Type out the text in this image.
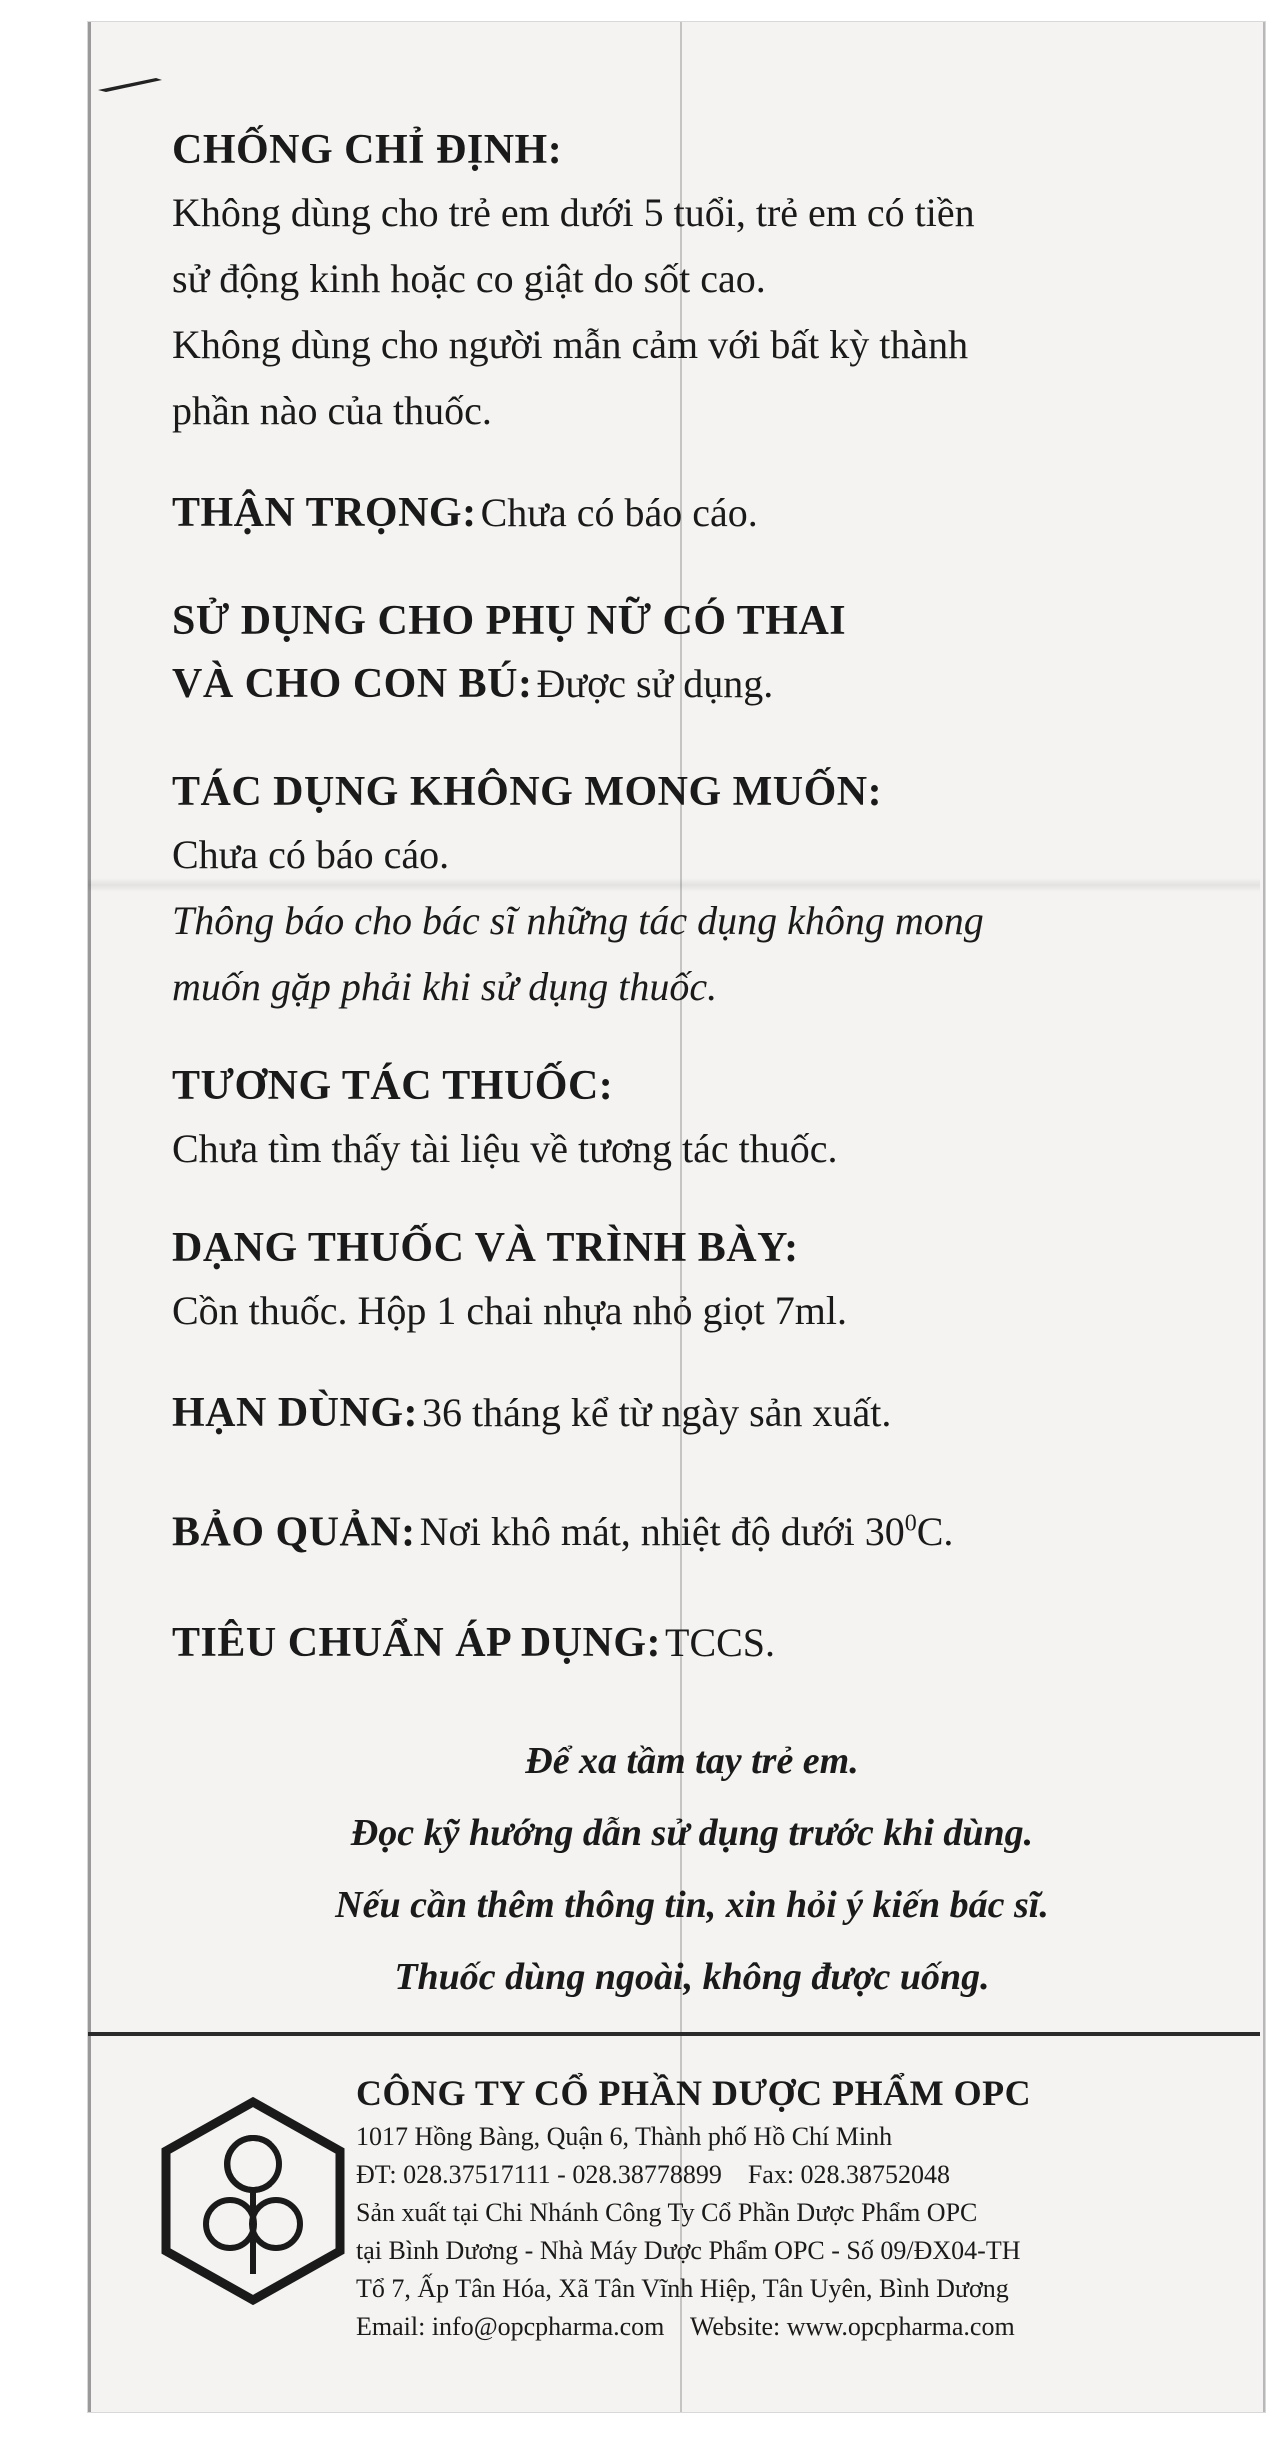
CHỐNG CHỈ ĐỊNH:
Không dùng cho trẻ em dưới 5 tuổi, trẻ em có tiền
sử động kinh hoặc co giật do sốt cao.
Không dùng cho người mẫn cảm với bất kỳ thành
phần nào của thuốc.
THẬN TRỌNG: Chưa có báo cáo.
SỬ DỤNG CHO PHỤ NỮ CÓ THAI
VÀ CHO CON BÚ: Được sử dụng.
TÁC DỤNG KHÔNG MONG MUỐN:
Chưa có báo cáo.
Thông báo cho bác sĩ những tác dụng không mong
muốn gặp phải khi sử dụng thuốc.
TƯƠNG TÁC THUỐC:
Chưa tìm thấy tài liệu về tương tác thuốc.
DẠNG THUỐC VÀ TRÌNH BÀY:
Cồn thuốc. Hộp 1 chai nhựa nhỏ giọt 7ml.
HẠN DÙNG: 36 tháng kể từ ngày sản xuất.
BẢO QUẢN: Nơi khô mát, nhiệt độ dưới $30^0C$.
TIÊU CHUẨN ÁP DỤNG: TCCS.
Để xa tầm tay trẻ em.
Đọc kỹ hướng dẫn sử dụng trước khi dùng.
Nếu cần thêm thông tin, xin hỏi ý kiến bác sĩ.
Thuốc dùng ngoài, không được uống.
CÔNG TY CỔ PHẦN DƯỢC PHẨM OPC
1017 Hồng Bàng, Quận 6, Thành phố Hồ Chí Minh
ĐT: 028.37517111 - 028.38778899    Fax: 028.38752048
Sản xuất tại Chi Nhánh Công Ty Cổ Phần Dược Phẩm OPC
tại Bình Dương - Nhà Máy Dược Phẩm OPC - Số 09/ĐX04-TH
Tổ 7, Ấp Tân Hóa, Xã Tân Vĩnh Hiệp, Tân Uyên, Bình Dương
Email: info@opcpharma.com    Website: www.opcpharma.com
